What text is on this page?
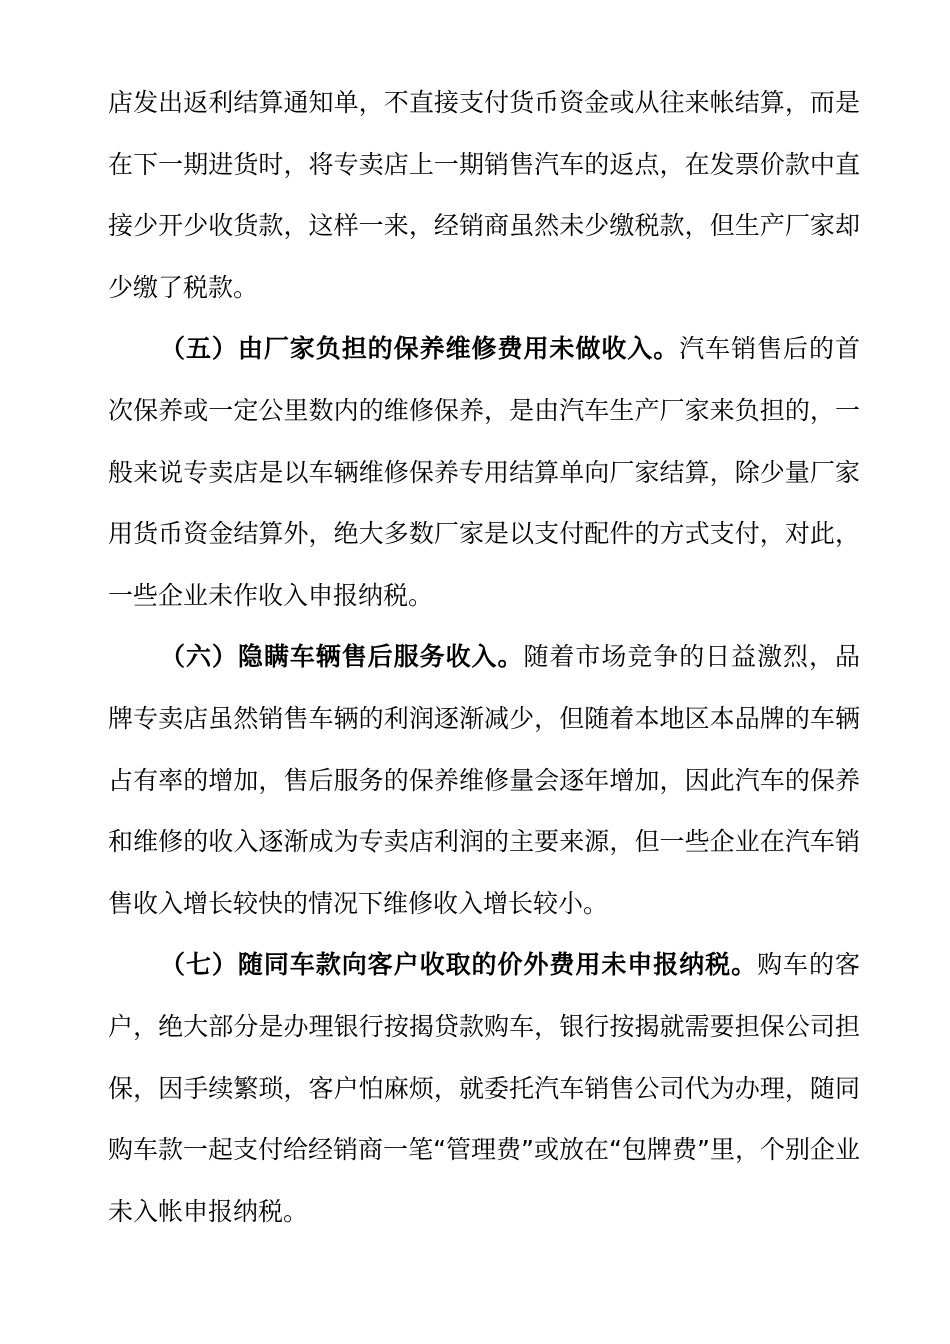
店发出返利结算通知单，不直接支付货币资金或从往来帐结算，而是在下一期进货时，将专卖店上一期销售汽车的返点，在发票价款中直接少开少收货款，这样一来，经销商虽然未少缴税款，但生产厂家却少缴了税款。

（五）由厂家负担的保养维修费用未做收入。汽车销售后的首次保养或一定公里数内的维修保养，是由汽车生产厂家来负担的，一般来说专卖店是以车辆维修保养专用结算单向厂家结算，除少量厂家用货币资金结算外，绝大多数厂家是以支付配件的方式支付，对此，一些企业未作收入申报纳税。

（六）隐瞒车辆售后服务收入。随着市场竞争的日益激烈，品牌专卖店虽然销售车辆的利润逐渐减少，但随着本地区本品牌的车辆占有率的增加，售后服务的保养维修量会逐年增加，因此汽车的保养和维修的收入逐渐成为专卖店利润的主要来源，但一些企业在汽车销售收入增长较快的情况下维修收入增长较小。

（七）随同车款向客户收取的价外费用未申报纳税。购车的客户，绝大部分是办理银行按揭贷款购车，银行按揭就需要担保公司担保，因手续繁琐，客户怕麻烦，就委托汽车销售公司代为办理，随同购车款一起支付给经销商一笔“管理费”或放在“包牌费”里，个别企业未入帐申报纳税。
